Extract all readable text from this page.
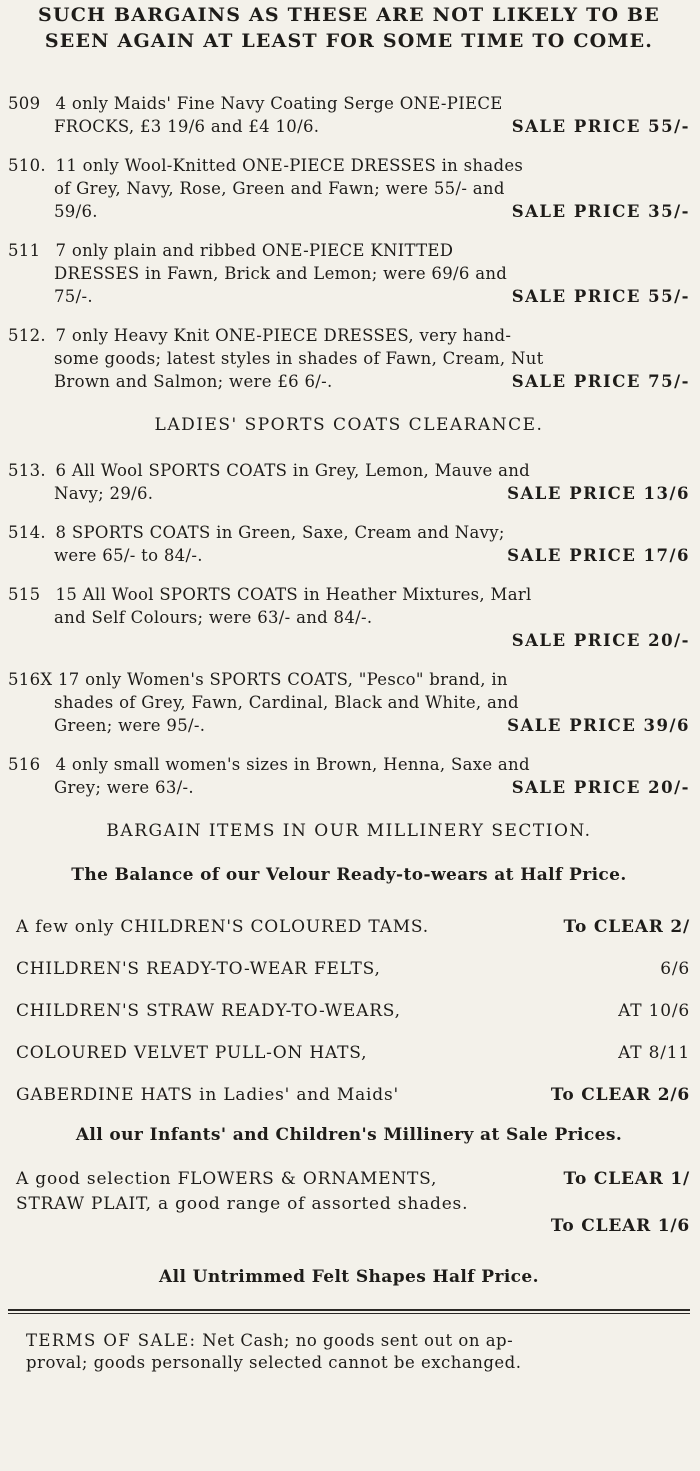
SUCH BARGAINS AS THESE ARE NOT LIKELY TO BE
SEEN AGAIN AT LEAST FOR SOME TIME TO COME.
509 4 only Maids' Fine Navy Coating Serge ONE-PIECE
FROCKS, £3 19/6 and £4 10/6.	SALE PRICE 55/-
510. 11 only Wool-Knitted ONE-PIECE DRESSES in shades
of Grey, Navy, Rose, Green and Fawn; were 55/- and
59/6.	SALE PRICE 35/-
511 7 only plain and ribbed ONE-PIECE KNITTED
DRESSES in Fawn, Brick and Lemon; were 69/6 and
75/-.	SALE PRICE 55/-
512. 7 only Heavy Knit ONE-PIECE DRESSES, very hand-
some goods; latest styles in shades of Fawn, Cream, Nut
Brown and Salmon; were £6 6/-.	SALE PRICE 75/-
LADIES' SPORTS COATS CLEARANCE.
513. 6 All Wool SPORTS COATS in Grey, Lemon, Mauve and
Navy; 29/6.	SALE PRICE 13/6
514. 8 SPORTS COATS in Green, Saxe, Cream and Navy;
were 65/- to 84/-.	SALE PRICE 17/6
515 15 All Wool SPORTS COATS in Heather Mixtures, Marl
and Self Colours; were 63/- and 84/-.
SALE PRICE 20/-
516X 17 only Women's SPORTS COATS, "Pesco" brand, in
shades of Grey, Fawn, Cardinal, Black and White, and
Green; were 95/-.	SALE PRICE 39/6
516 4 only small women's sizes in Brown, Henna, Saxe and
Grey; were 63/-.	SALE PRICE 20/-
BARGAIN ITEMS IN OUR MILLINERY SECTION.
The Balance of our Velour Ready-to-wears at Half Price.
A few only CHILDREN'S COLOURED TAMS.	To CLEAR 2/
CHILDREN'S READY-TO-WEAR FELTS,	6/6
CHILDREN'S STRAW READY-TO-WEARS,	AT 10/6
COLOURED VELVET PULL-ON HATS,	AT 8/11
GABERDINE HATS in Ladies' and Maids'	To CLEAR 2/6
All our Infants' and Children's Millinery at Sale Prices.
A good selection FLOWERS & ORNAMENTS,	To CLEAR 1/
STRAW PLAIT, a good range of assorted shades.
To CLEAR 1/6
All Untrimmed Felt Shapes Half Price.
TERMS OF SALE: Net Cash; no goods sent out on ap-
proval; goods personally selected cannot be exchanged.
